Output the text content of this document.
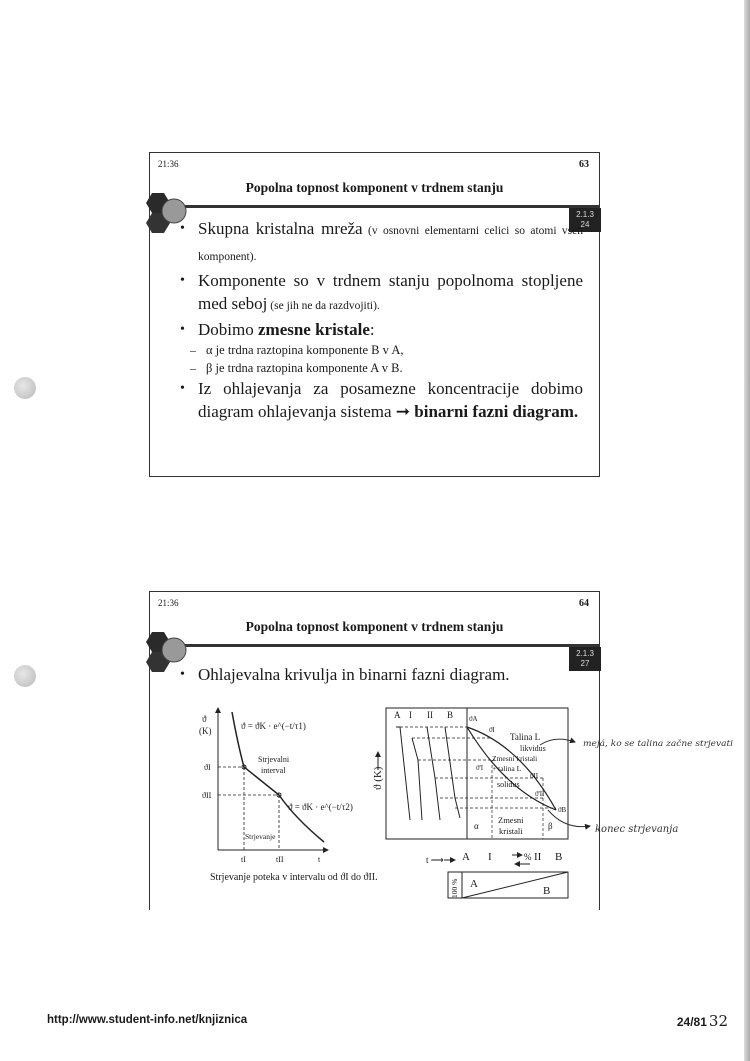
21:36	63
Popolna topnost komponent v trdnem stanju
2.1.3
24
• Skupna kristalna mreža (v osnovni elementarni celici so atomi vseh komponent).
• Komponente so v trdnem stanju popolnoma stopljene med seboj (se jih ne da razdvojiti).
• Dobimo zmesne kristale:
– α je trdna raztopina komponente B v A,
– β je trdna raztopina komponente A v B.
• Iz ohlajevanja za posamezne koncentracije dobimo diagram ohlajevanja sistema ➞ binarni fazni diagram.
21:36	64
Popolna topnost komponent v trdnem stanju
2.1.3
27
• Ohlajevalna krivulja in binarni fazni diagram.
ϑ
(K)	ϑ = ϑK · e^(−t/τ1)
Strjevalni
interval
ϑI
ϑII
ϑ = ϑK · e^(−t/τ2)
Strjevanje
tI	tII	t
Strjevanje poteka v intervalu od ϑI do ϑII.
A I II B
ϑ (K)
ϑA
ϑI
ϑ'I
ϑII
ϑ'II
ϑB
Talina L
likvidus
Zmesni kristali
+ talina L
solidus
α
Zmesni
kristali	β
t ⟶ A I	% II B
A
B
100 %
mejá, ko se talina začne strjevati
konec strjevanja
http://www.student-info.net/knjiznica	24/81 32
